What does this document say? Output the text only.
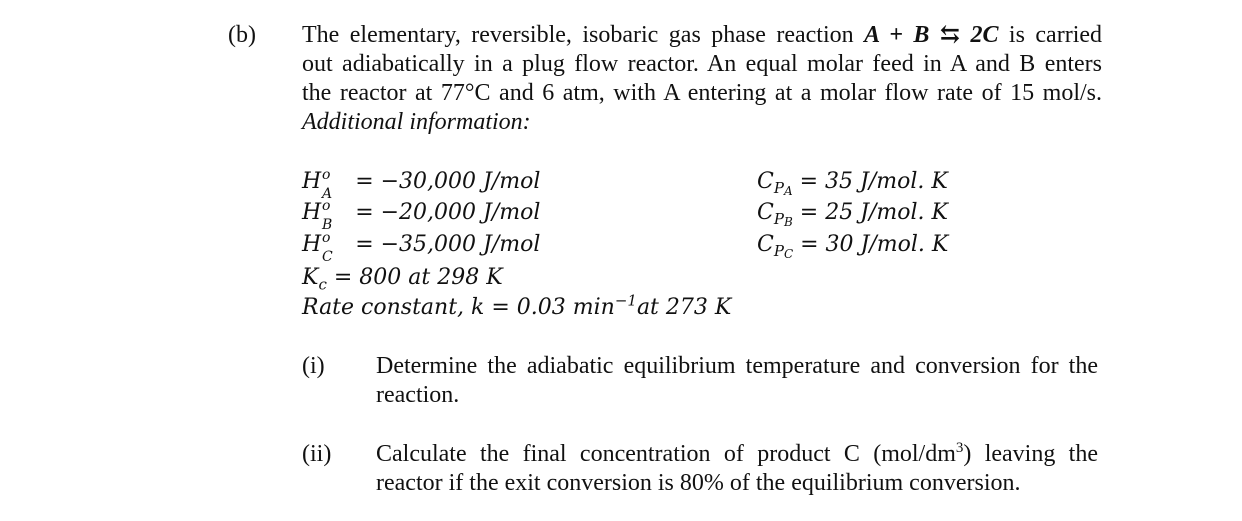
(b) The elementary, reversible, isobaric gas phase reaction A + B ⇆ 2C is carried
out adiabatically in a plug flow reactor. An equal molar feed in A and B enters
the reactor at 77°C and 6 atm, with A entering at a molar flow rate of 15 mol/s.
Additional information:
H o
A = −30,000 J/mol
H o
B = −20,000 J/mol
H o
C = −35,000 J/mol
$C_{PA} = 35$ J/mol. K
$C_{PB} = 25$ J/mol. K
$C_{PC} = 30$ J/mol. K
$K_c = 800$ at 298 K
Rate constant, k = 0.03 $\min^{-1}at$ 273 K
(i) Determine the adiabatic equilibrium temperature and conversion for the
reaction.
(ii) Calculate the final concentration of product C $(mol/dm^3)$ leaving the
reactor if the exit conversion is 80% of the equilibrium conversion.
